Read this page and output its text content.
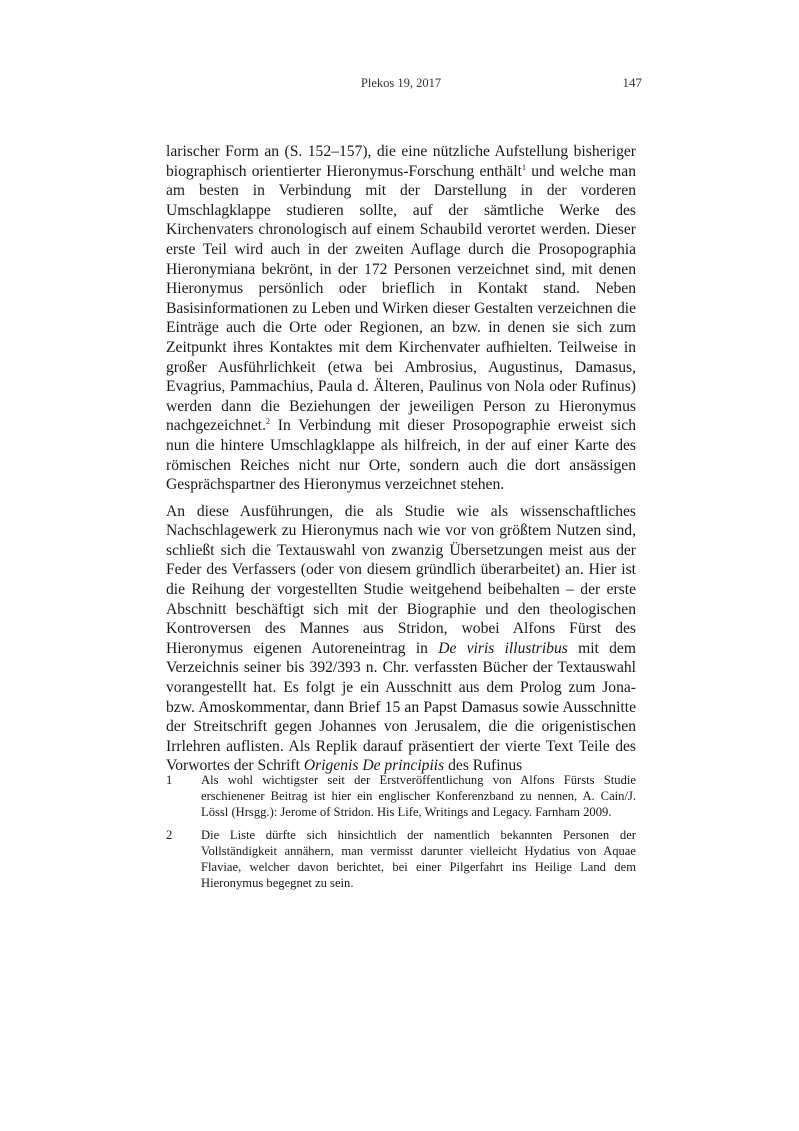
Plekos 19, 2017	147

larischer Form an (S. 152–157), die eine nützliche Aufstellung bisheriger biographisch orientierter Hieronymus-Forschung enthält$^1$ und welche man am besten in Verbindung mit der Darstellung in der vorderen Umschlagklappe studieren sollte, auf der sämtliche Werke des Kirchenvaters chronologisch auf einem Schaubild verortet werden. Dieser erste Teil wird auch in der zweiten Auflage durch die Prosopographia Hieronymiana bekrönt, in der 172 Personen verzeichnet sind, mit denen Hieronymus persönlich oder brieflich in Kontakt stand. Neben Basisinformationen zu Leben und Wirken dieser Gestalten verzeichnen die Einträge auch die Orte oder Regionen, an bzw. in denen sie sich zum Zeitpunkt ihres Kontaktes mit dem Kirchenvater aufhielten. Teilweise in großer Ausführlichkeit (etwa bei Ambrosius, Augustinus, Damasus, Evagrius, Pammachius, Paula d. Älteren, Paulinus von Nola oder Rufinus) werden dann die Beziehungen der jeweiligen Person zu Hieronymus nachgezeichnet.$^2$ In Verbindung mit dieser Prosopographie erweist sich nun die hintere Umschlagklappe als hilfreich, in der auf einer Karte des römischen Reiches nicht nur Orte, sondern auch die dort ansässigen Gesprächspartner des Hieronymus verzeichnet stehen.

An diese Ausführungen, die als Studie wie als wissenschaftliches Nachschlagewerk zu Hieronymus nach wie vor von größtem Nutzen sind, schließt sich die Textauswahl von zwanzig Übersetzungen meist aus der Feder des Verfassers (oder von diesem gründlich überarbeitet) an. Hier ist die Reihung der vorgestellten Studie weitgehend beibehalten – der erste Abschnitt beschäftigt sich mit der Biographie und den theologischen Kontroversen des Mannes aus Stridon, wobei Alfons Fürst des Hieronymus eigenen Autoreneintrag in De viris illustribus mit dem Verzeichnis seiner bis 392/393 n. Chr. verfassten Bücher der Textauswahl vorangestellt hat. Es folgt je ein Ausschnitt aus dem Prolog zum Jona- bzw. Amoskommentar, dann Brief 15 an Papst Damasus sowie Ausschnitte der Streitschrift gegen Johannes von Jerusalem, die die origenistischen Irrlehren auflisten. Als Replik darauf präsentiert der vierte Text Teile des Vorwortes der Schrift Origenis De principiis des Rufinus

1	Als wohl wichtigster seit der Erstveröffentlichung von Alfons Fürsts Studie erschienener Beitrag ist hier ein englischer Konferenzband zu nennen, A. Cain/J. Lössl (Hrsgg.): Jerome of Stridon. His Life, Writings and Legacy. Farnham 2009.
2	Die Liste dürfte sich hinsichtlich der namentlich bekannten Personen der Vollständigkeit annähern, man vermisst darunter vielleicht Hydatius von Aquae Flaviae, welcher davon berichtet, bei einer Pilgerfahrt ins Heilige Land dem Hieronymus begegnet zu sein.
